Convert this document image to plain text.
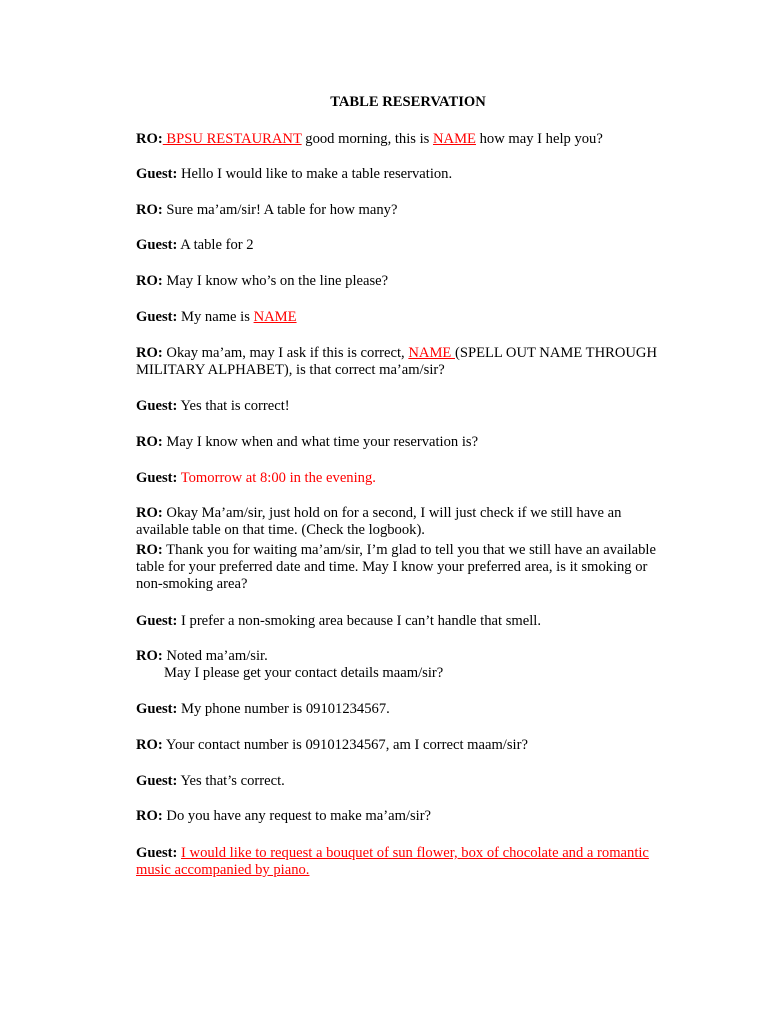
TABLE RESERVATION
RO: BPSU RESTAURANT good morning, this is NAME how may I help you?
Guest: Hello I would like to make a table reservation.
RO: Sure ma’am/sir! A table for how many?
Guest: A table for 2
RO: May I know who’s on the line please?
Guest: My name is NAME
RO: Okay ma’am, may I ask if this is correct, NAME (SPELL OUT NAME THROUGH
MILITARY ALPHABET), is that correct ma’am/sir?
Guest: Yes that is correct!
RO: May I know when and what time your reservation is?
Guest: Tomorrow at 8:00 in the evening.
RO: Okay Ma’am/sir, just hold on for a second, I will just check if we still have an
available table on that time. (Check the logbook).
RO: Thank you for waiting ma’am/sir, I’m glad to tell you that we still have an available
table for your preferred date and time. May I know your preferred area, is it smoking or
non-smoking area?
Guest: I prefer a non-smoking area because I can’t handle that smell.
RO: Noted ma’am/sir.
May I please get your contact details maam/sir?
Guest: My phone number is 09101234567.
RO: Your contact number is 09101234567, am I correct maam/sir?
Guest: Yes that’s correct.
RO: Do you have any request to make ma’am/sir?
Guest: I would like to request a bouquet of sun flower, box of chocolate and a romantic
music accompanied by piano.
